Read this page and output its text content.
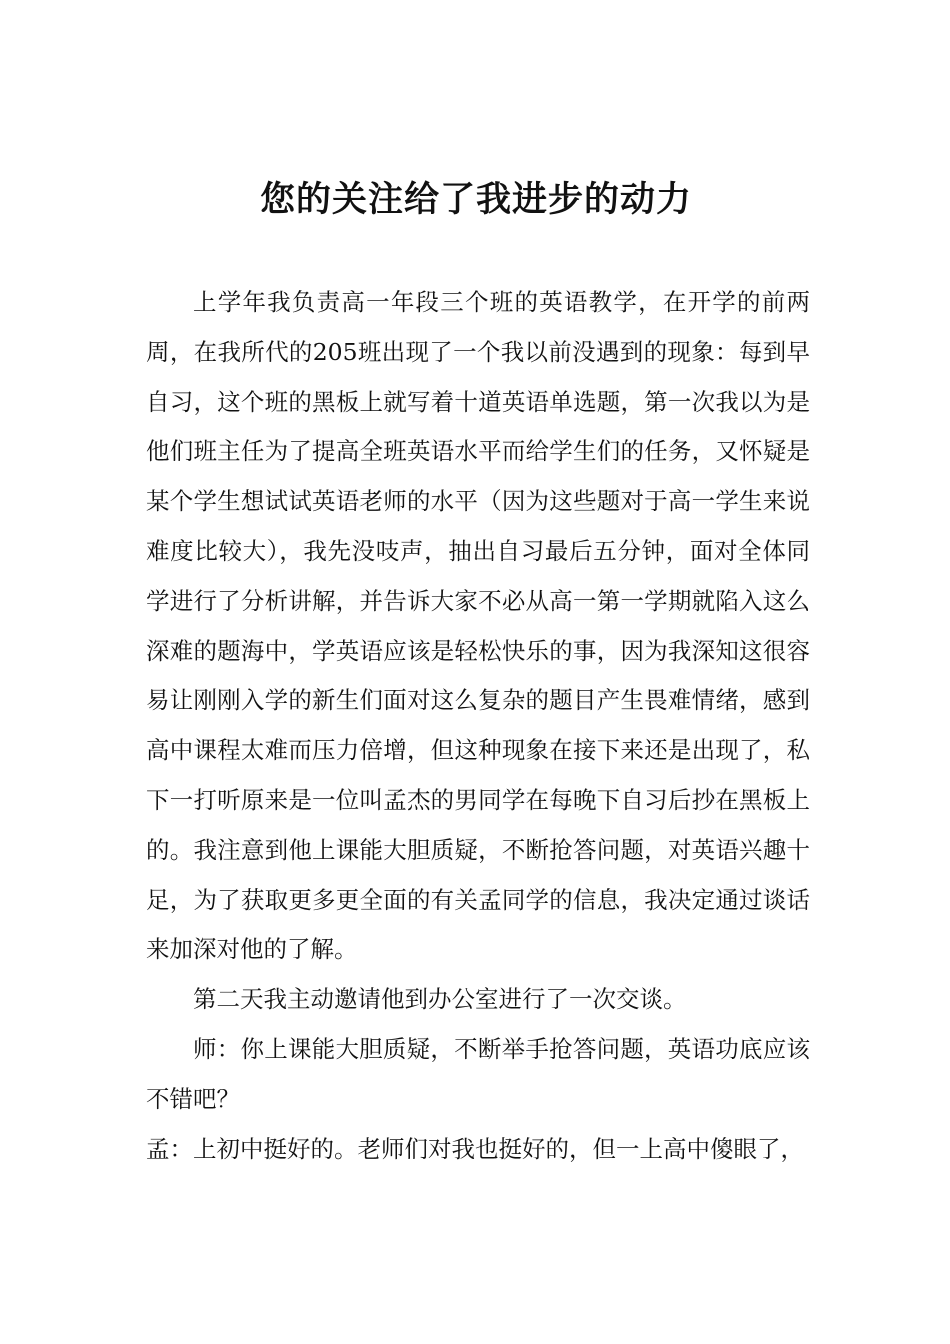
您的关注给了我进步的动力

上学年我负责高一年段三个班的英语教学，在开学的前两周，在我所代的205班出现了一个我以前没遇到的现象：每到早自习，这个班的黑板上就写着十道英语单选题，第一次我以为是他们班主任为了提高全班英语水平而给学生们的任务，又怀疑是某个学生想试试英语老师的水平（因为这些题对于高一学生来说难度比较大），我先没吱声，抽出自习最后五分钟，面对全体同学进行了分析讲解，并告诉大家不必从高一第一学期就陷入这么深难的题海中，学英语应该是轻松快乐的事，因为我深知这很容易让刚刚入学的新生们面对这么复杂的题目产生畏难情绪，感到高中课程太难而压力倍增，但这种现象在接下来还是出现了，私下一打听原来是一位叫孟杰的男同学在每晚下自习后抄在黑板上的。我注意到他上课能大胆质疑，不断抢答问题，对英语兴趣十足，为了获取更多更全面的有关孟同学的信息，我决定通过谈话来加深对他的了解。

第二天我主动邀请他到办公室进行了一次交谈。

师：你上课能大胆质疑，不断举手抢答问题，英语功底应该不错吧？

孟：上初中挺好的。老师们对我也挺好的，但一上高中傻眼了，
